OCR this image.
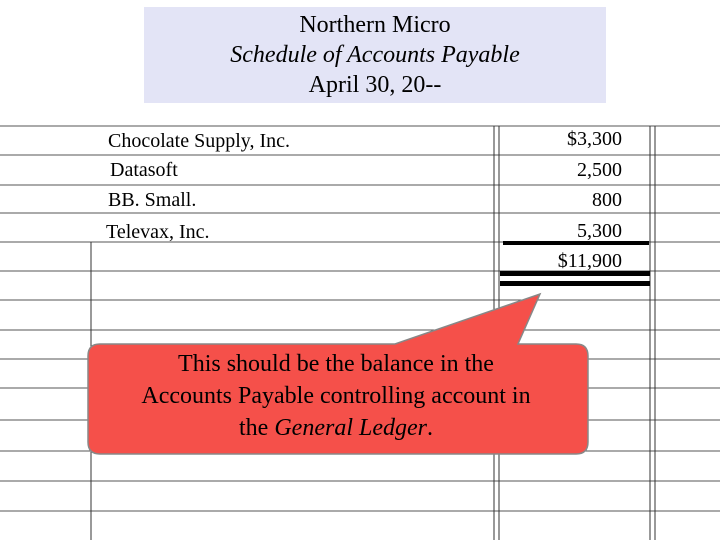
Northern Micro
Schedule of Accounts Payable
April 30, 20--
Chocolate Supply, Inc.
Datasoft
BB. Small.
Televax, Inc.
$3,300
2,500
800
5,300
$11,900
This should be the balance in the
Accounts Payable controlling account in
the General Ledger.
